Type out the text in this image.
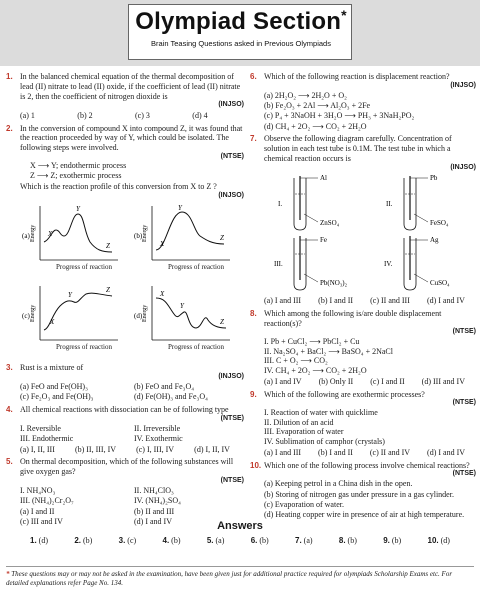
Olympiad Section*
Brain Teasing Questions asked in Previous Olympiads
1. In the balanced chemical equation of the thermal decomposition of lead (II) nitrate to lead (II) oxide, if the coefficient of lead (II) nitrate is 2, then the coefficient of nitrogen dioxide is
(INJSO)
(a) 1	(b) 2	(c) 3	(d) 4
2. In the conversion of compound X into compound Z, it was found that the reaction proceeded by way of Y, which could be isolated. The following steps were involved.
(NTSE)
X ⟶ Y; endothermic process
Z ⟶ Z; exothermic process
Which is the reaction profile of this conversion from X to Z ?
(INJSO)
Energy	Energy
Energy	Energy
(a)	(b)
(c)	(d)
X
Y
Z	X
Y
Z
X
Y
Z	X
Y
Z
Progress of reaction	Progress of reaction
Progress of reaction	Progress of reaction
3. Rust is a mixture of
(INJSO)
(a) FeO and Fe(OH)₃	(b) FeO and Fe₃O₄
(c) Fe₂O₃ and Fe(OH)₃	(d) Fe(OH)₃ and Fe₃O₄
4. All chemical reactions with dissociation can be of following type
(NTSE)
I. Reversible	II. Irreversible
III. Endothermic	IV. Exothermic
(a) I, II, III	(b) II, III, IV	(c) I, III, IV	(d) I, II, IV
5. On thermal decomposition, which of the following substances will give oxygen gas?
(NTSE)
I. NH₄NO₃	II. NH₄ClO₃
III. (NH₄)₂Cr₂O₇	IV. (NH₄)₂SO₄
(a) I and II	(b) II and III
(c) III and IV	(d) I and IV
6. Which of the following reaction is displacement reaction?
(INJSO)
(a) 2H₂O₂ ⟶ 2H₂O + O₂
(b) Fe₂O₃ + 2Al ⟶ Al₂O₃ + 2Fe
(c) P₄ + 3NaOH + 3H₂O ⟶ PH₃ + 3NaH₂PO₂
(d) CH₄ + 2O₂ ⟶ CO₂ + 2H₂O
7. Observe the following diagram carefully. Concentration of solution in each test tube is 0.1M. The test tube in which a chemical reaction occurs is
(INJSO)
I.	II.
III.	IV.
Al	Pb
Fe	Ag
ZnSO₄	FeSO₄
Pb(NO₃)₂	CuSO₄
(a) I and III	(b) I and II	(c) II and III	(d) I and IV
8. Which among the following is/are double displacement reaction(s)?
(NTSE)
I. Pb + CuCl₂ ⟶ PbCl₂ + Cu
II. Na₂SO₄ + BaCl₂ ⟶ BaSO₄ + 2NaCl
III. C + O₂ ⟶ CO₂
IV. CH₄ + 2O₂ ⟶ CO₂ + 2H₂O
(a) I and IV	(b) Only II	(c) I and II	(d) III and IV
9. Which of the following are exothermic processes?
(NTSE)
I. Reaction of water with quicklime
II. Dilution of an acid
III. Evaporation of water
IV. Sublimation of camphor (crystals)
(a) I and III	(b) I and II	(c) II and IV	(d) I and IV
10. Which one of the following process involve chemical reactions?
(NTSE)
(a) Keeping petrol in a China dish in the open.
(b) Storing of nitrogen gas under pressure in a gas cylinder.
(c) Evaporation of water.
(d) Heating copper wire in presence of air at high temperature.
Answers
1. (d)	2. (b)	3. (c)	4. (b)	5. (a)	6. (b)	7. (a)	8. (b)	9. (b)	10. (d)
* These questions may or may not be asked in the examination, have been given just for additional practice required for olympiads Scholarship Exams etc. For detailed explanations refer Page No. 134.
